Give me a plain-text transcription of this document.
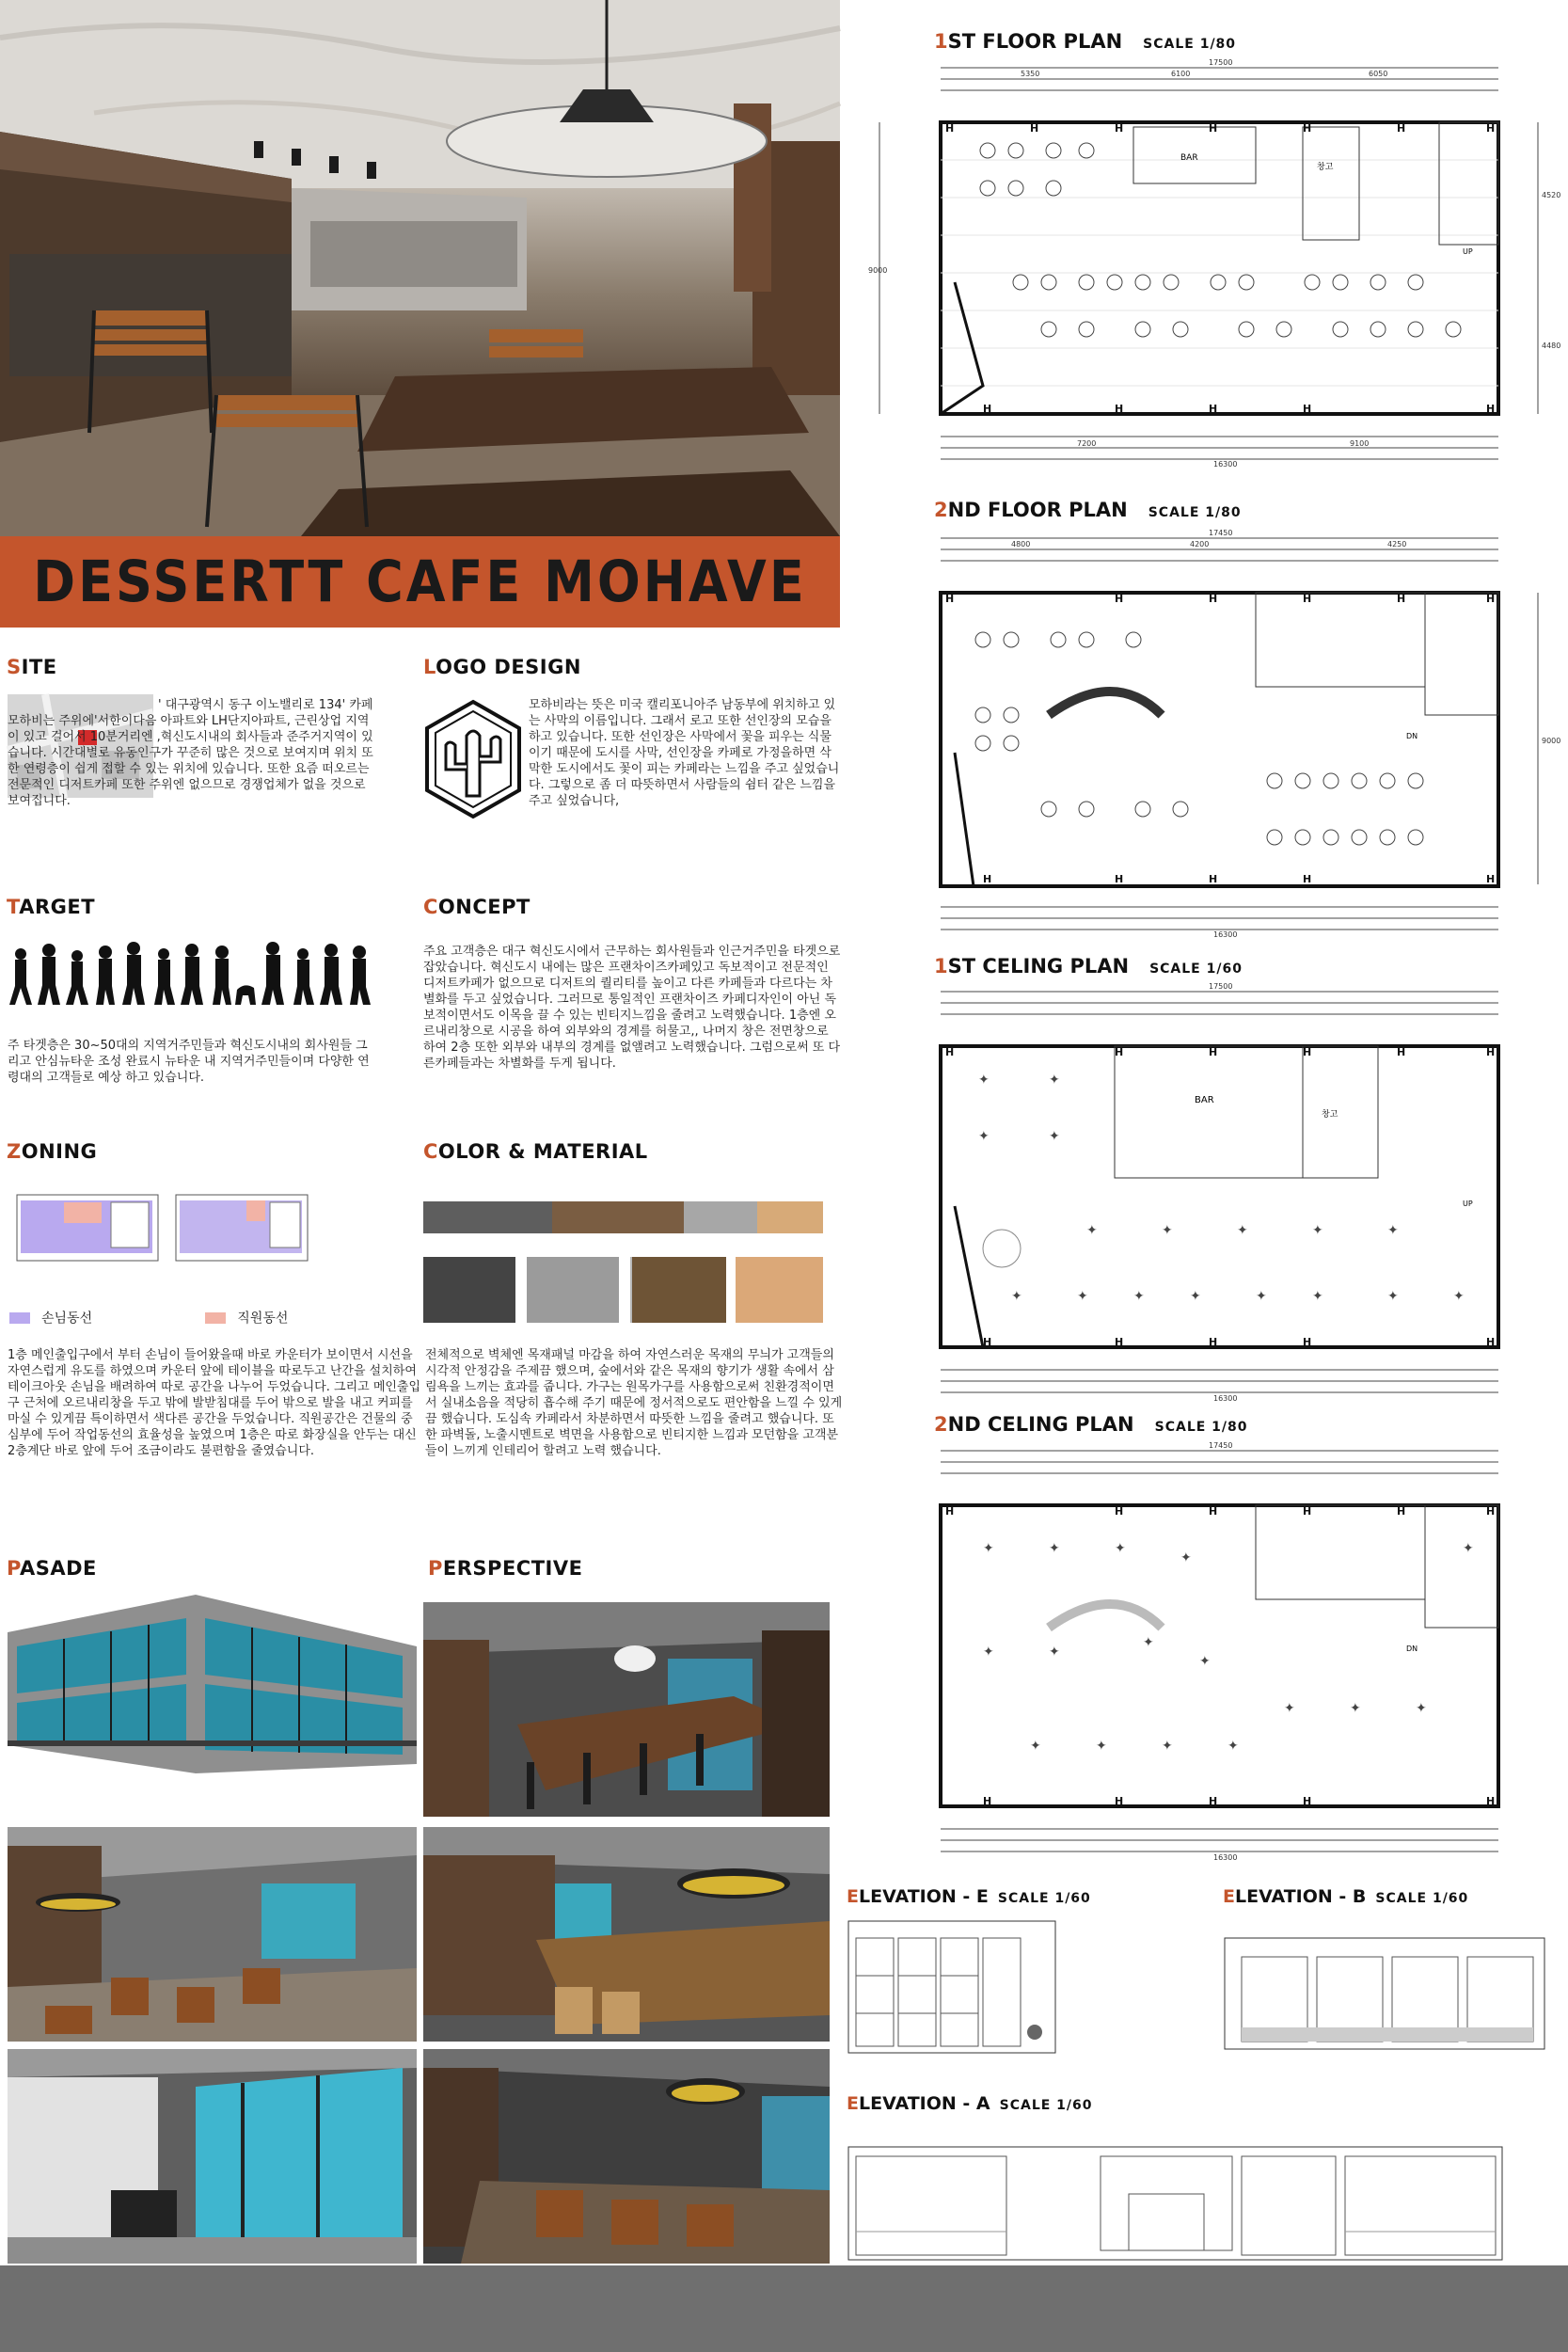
DESSERTT CAFE MOHAVE
SITE
' 대구광역시 동구 이노밸리로 134' 카페 모하비는 주위에'서한이다음 아파트와 LH단지아파트, 근린상업 지역이 있고 걸어서 10분거리엔 ,혁신도시내의 회사들과 준주거지역이 있습니다. 시간대별로 유동인구가 꾸준히 많은 것으로 보여지며 위치 또한 연령층이 쉽게 접할 수 있는 위치에 있습니다. 또한 요즘 떠오르는 전문적인 디저트카페 또한 주위엔 없으므로 경쟁업체가 없을 것으로 보여집니다.
LOGO DESIGN
모하비라는 뜻은 미국 캘리포니아주 남동부에 위치하고 있는 사막의 이름입니다. 그래서 로고 또한 선인장의 모습을 하고 있습니다. 또한 선인장은 사막에서 꽃을 피우는 식물이기 때문에 도시를 사막, 선인장을 카페로 가정을하면 삭막한 도시에서도 꽃이 피는 카페라는 느낌을 주고 싶었습니다. 그렇으로 좀 더 따뜻하면서 사람들의 쉼터 같은 느낌을 주고 싶었습니다,
TARGET
주 타겟층은 30~50대의 지역거주민들과 혁신도시내의 회사원들 그리고 안심뉴타운 조성 완료시 뉴타운 내 지역거주민들이며 다양한 연령대의 고객들로 예상 하고 있습니다.
CONCEPT
주요 고객층은 대구 혁신도시에서 근무하는 회사원들과 인근거주민을 타겟으로 잡았습니다. 혁신도시 내에는 많은 프랜차이즈카페있고 독보적이고 전문적인 디저트카페가 없으므로 디저트의 퀄리티를 높이고 다른 카페들과 다르다는 차별화를 두고 싶었습니다. 그러므로 통일적인 프랜차이즈 카페디자인이 아닌 독보적이면서도 이목을 끌 수 있는 빈티지느낌을 줄려고 노력했습니다. 1층엔 오르내리창으로 시공을 하여 외부와의 경계를 허물고,, 나머지 창은 전면창으로 하여 2층 또한 외부와 내부의 경계를 없앨려고 노력했습니다. 그럼으로써 또 다른카페들과는 차별화를 두게 됩니다.
ZONING
손님동선	직원동선
1층 메인출입구에서 부터 손님이 들어왔을때 바로 카운터가 보이면서 시선을 자연스럽게 유도를 하였으며 카운터 앞에 테이블을 따로두고 난간을 설치하여 테이크아웃 손님을 배려하여 따로 공간을 나누어 두었습니다. 그리고 메인출입구 근처에 오르내리창을 두고 밖에 발받침대를 두어 밖으로 발을 내고 커피를 마실 수 있게끔 특이하면서 색다른 공간을 두었습니다. 직원공간은 건물의 중심부에 두어 작업동선의 효율성을 높였으며 1층은 따로 화장실을 안두는 대신 2층계단 바로 앞에 두어 조금이라도 불편함을 줄였습니다.
COLOR & MATERIAL
전체적으로 벽체엔 목재패널 마감을 하여 자연스러운 목재의 무늬가 고객들의 시각적 안정감을 주제끔 했으며, 숲에서와 같은 목재의 향기가 생활 속에서 삼림욕을 느끼는 효과를 줍니다. 가구는 원목가구를 사용함으로써 친환경적이면서 실내소음을 적당히 흡수해 주기 때문에 정서적으로도 편안함을 느낄 수 있게끔 했습니다. 도심속 카페라서 차분하면서 따뜻한 느낌을 줄려고 했습니다. 또한 파벽돌, 노출시멘트로 벽면을 사용함으로 빈티지한 느낌과 모던함을 고객분들이 느끼게 인테리어 할려고 노력 했습니다.
PASADE	PERSPECTIVE
1ST FLOOR PLAN SCALE 1/80
17500
5350	6100	6050
9000
4520
4480
7200	9100
16300
BAR
창고
UP
H	H	H	H	H	H	H
H	H	H	H	H
2ND FLOOR PLAN SCALE 1/80
17450
4800	4200	4250
9000
16300
DN
H	H	H	H	H	H
H	H	H	H	H
1ST CELING PLAN SCALE 1/60
17500
16300
BAR
창고
UP
✦	✦
✦	✦
✦	✦	✦	✦	✦
✦	✦	✦	✦	✦	✦	✦	✦
H	H	H	H	H	H
H	H	H	H	H
2ND CELING PLAN SCALE 1/80
17450
16300
DN
✦	✦	✦
✦
✦	✦
✦
✦
✦	✦	✦	✦
✦	✦	✦
✦
H	H	H	H	H	H
H	H	H	H	H
ELEVATION - E SCALE 1/60	ELEVATION - B SCALE 1/60
ELEVATION - A SCALE 1/60
